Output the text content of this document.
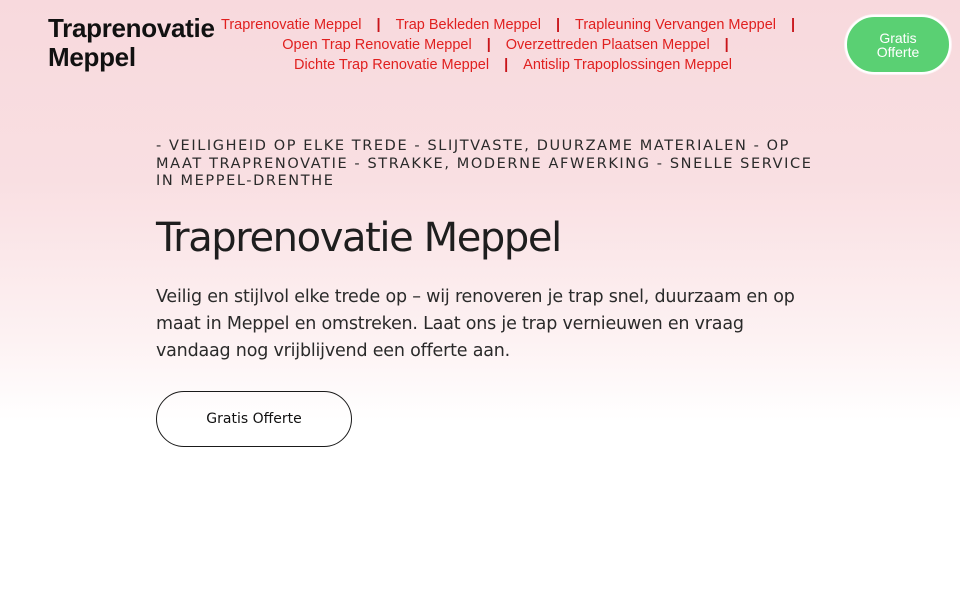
Traprenovatie
Meppel
Traprenovatie Meppel | Trap Bekleden Meppel | Trapleuning Vervangen Meppel |
Open Trap Renovatie Meppel | Overzettreden Plaatsen Meppel |
Dichte Trap Renovatie Meppel | Antislip Trapoplossingen Meppel
Gratis Offerte

- VEILIGHEID OP ELKE TREDE - SLIJTVASTE, DUURZAME MATERIALEN - OP MAAT TRAPRENOVATIE - STRAKKE, MODERNE AFWERKING - SNELLE SERVICE IN MEPPEL-DRENTHE

Traprenovatie Meppel

Veilig en stijlvol elke trede op – wij renoveren je trap snel, duurzaam en op maat in Meppel en omstreken. Laat ons je trap vernieuwen en vraag vandaag nog vrijblijvend een offerte aan.

Gratis Offerte
